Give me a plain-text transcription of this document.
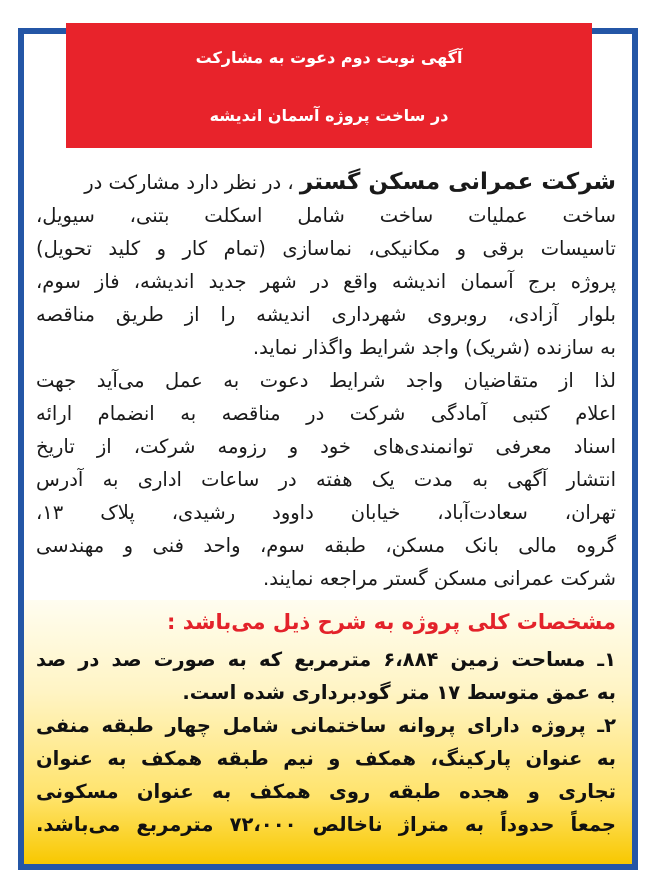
آگهی نوبت دوم دعوت به مشارکت
در ساخت پروژه آسمان اندیشه
شرکت عمرانی مسکن گستر ، در نظر دارد مشارکت در
ساخت عملیات ساخت شامل اسکلت بتنی، سیویل،
تاسیسات برقی و مکانیکی، نماسازی (تمام کار و کلید تحویل)
پروژه برج آسمان اندیشه واقع در شهر جدید اندیشه، فاز سوم،
بلوار آزادی، روبروی شهرداری اندیشه را از طریق مناقصه
به سازنده (شریک) واجد شرایط واگذار نماید.
لذا از متقاضیان واجد شرایط دعوت به عمل می‌آید جهت
اعلام کتبی آمادگی شرکت در مناقصه به انضمام ارائه
اسناد معرفی توانمندی‌های خود و رزومه شرکت، از تاریخ
انتشار آگهی به مدت یک هفته در ساعات اداری به آدرس
تهران، سعادت‌آباد، خیابان داوود رشیدی، پلاک ۱۳،
گروه مالی بانک مسکن، طبقه سوم، واحد فنی و مهندسی
شرکت عمرانی مسکن گستر مراجعه نمایند.
مشخصات کلی پروژه به شرح ذیل می‌باشد :
۱ـ مساحت زمین ۶،۸۸۴ مترمربع که به صورت صد در صد
به عمق متوسط ۱۷ متر گودبرداری شده است.
۲ـ پروژه دارای پروانه ساختمانی شامل چهار طبقه منفی
به عنوان پارکینگ، همکف و نیم طبقه همکف به عنوان
تجاری و هجده طبقه روی همکف به عنوان مسکونی
جمعاً حدوداً به متراژ ناخالص ۷۲،۰۰۰ مترمربع می‌باشد.
